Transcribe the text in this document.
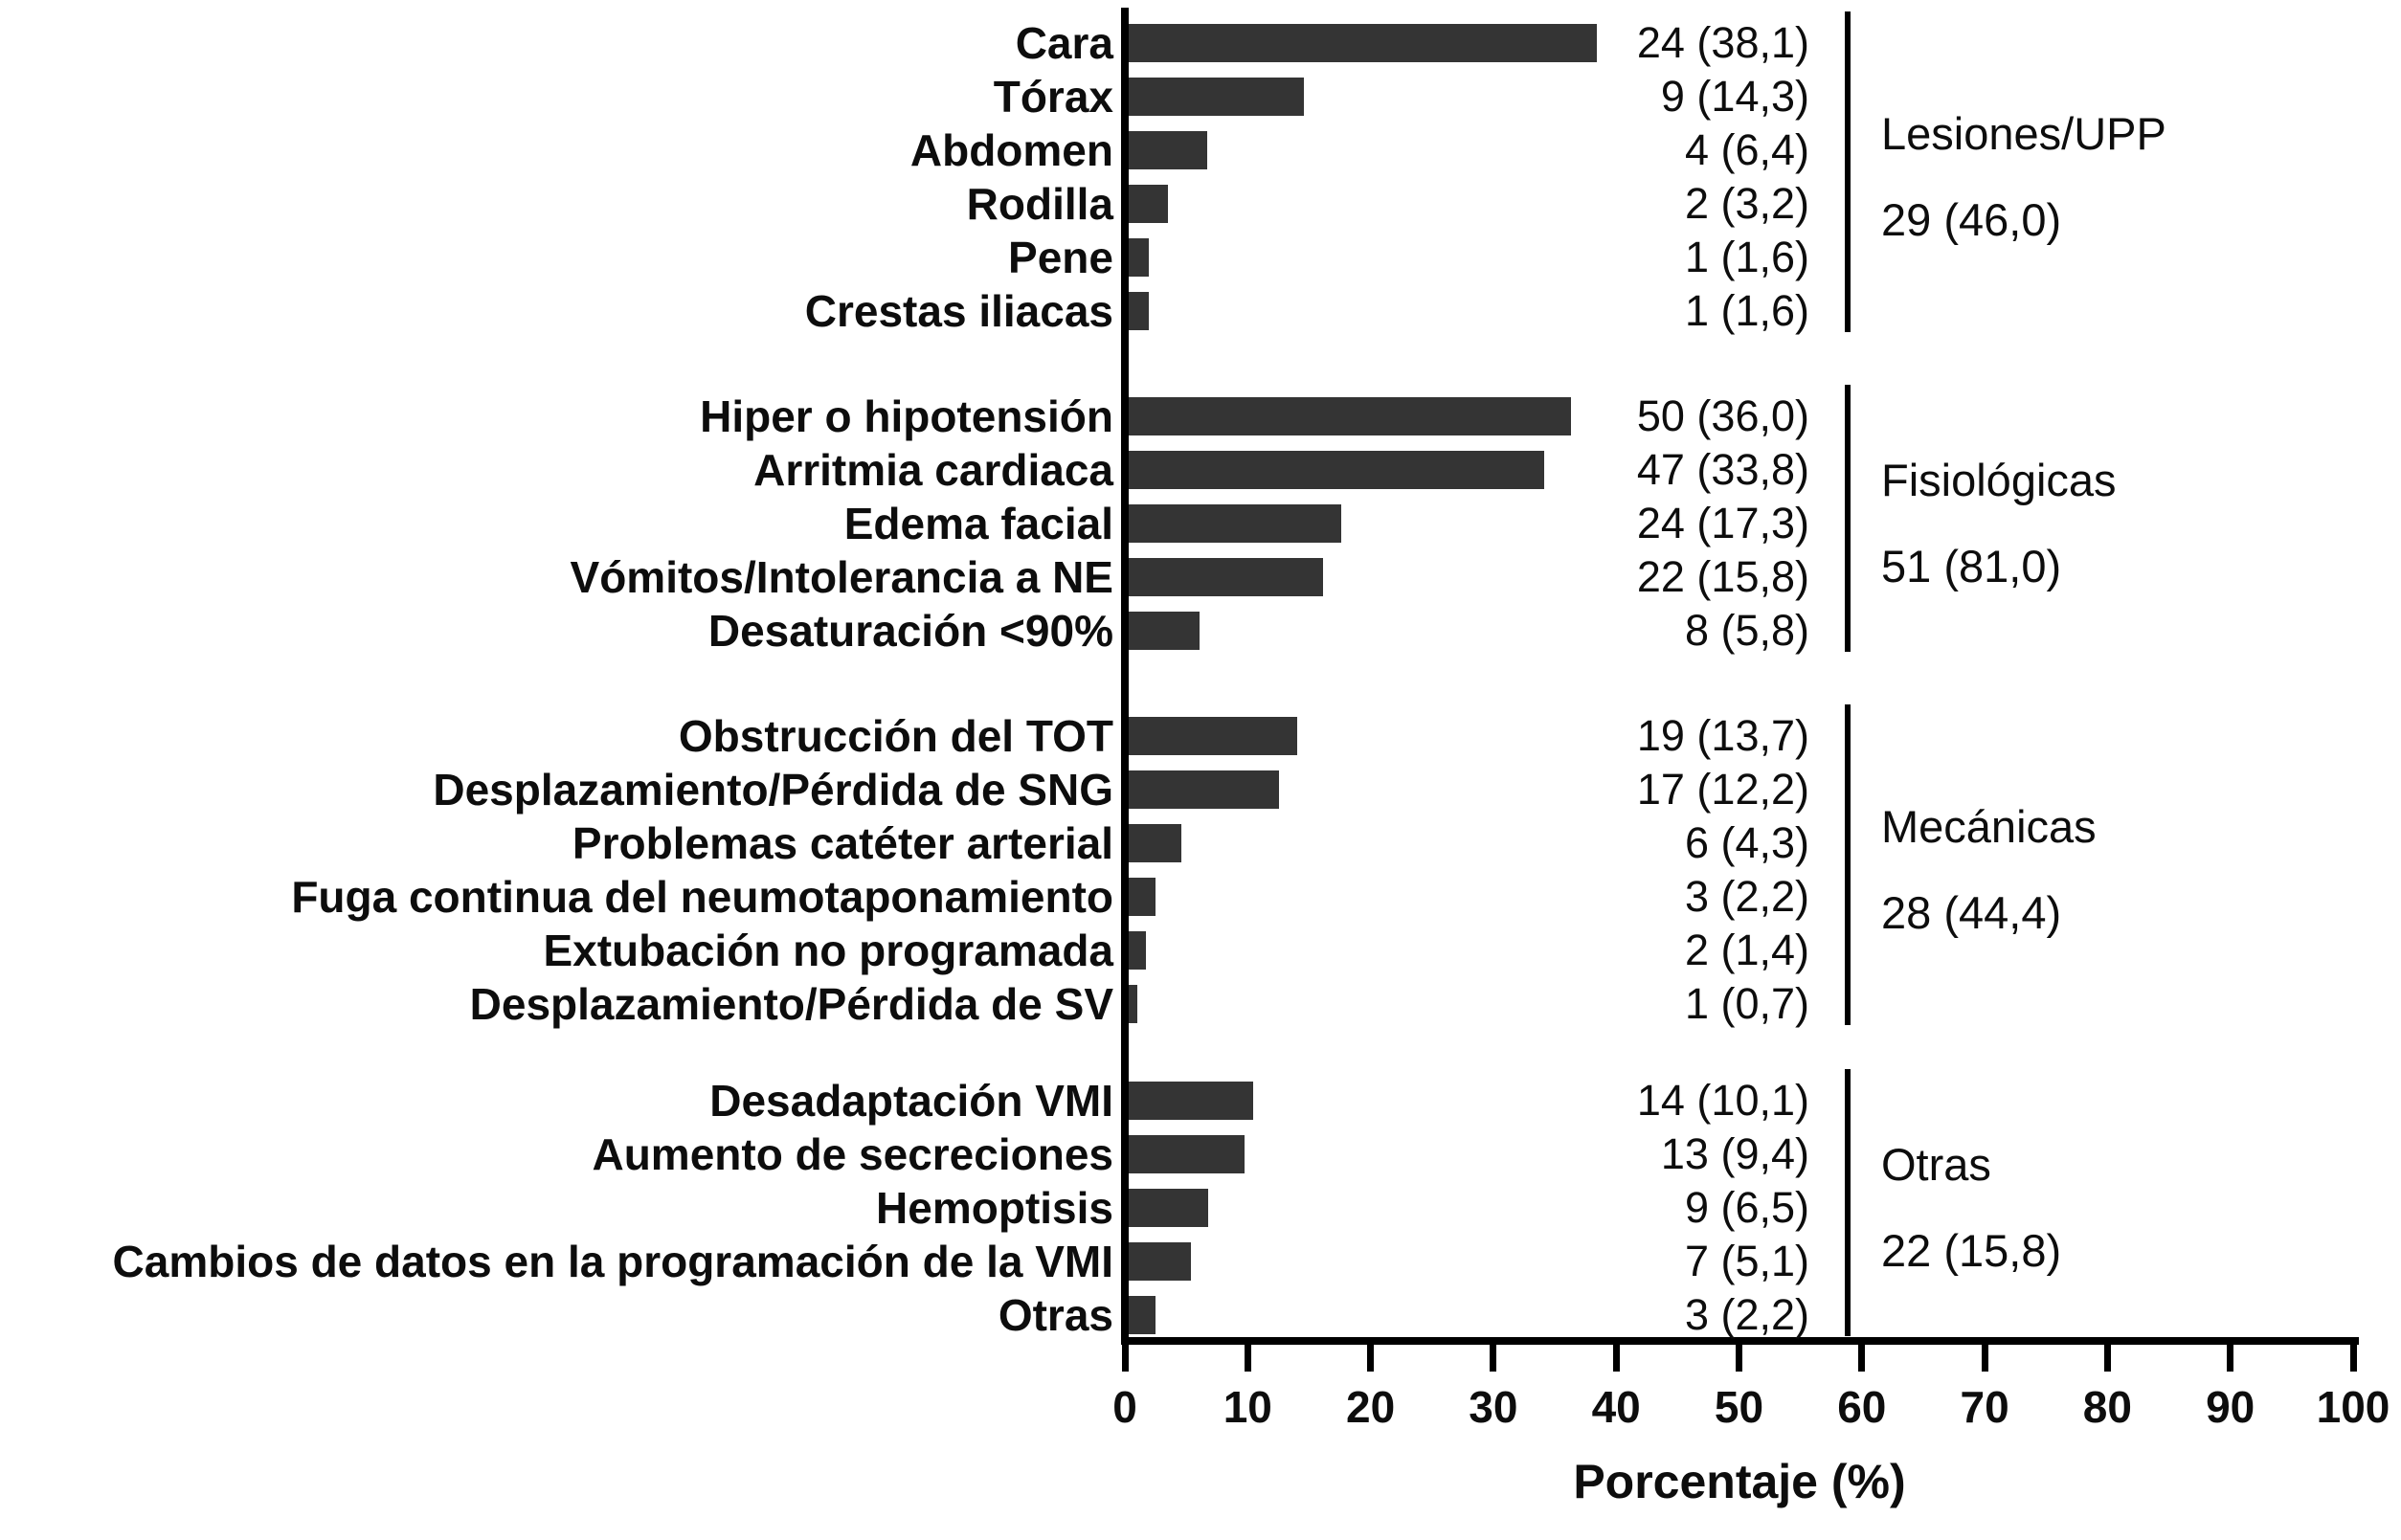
Cara	24 (38,1)
Tórax	9 (14,3)
Abdomen	4 (6,4)
Rodilla	2 (3,2)
Pene	1 (1,6)
Crestas iliacas	1 (1,6)
Hiper o hipotensión	50 (36,0)
Arritmia cardiaca	47 (33,8)
Edema facial	24 (17,3)
Vómitos/Intolerancia a NE	22 (15,8)
Desaturación <90%	8 (5,8)
Obstrucción del TOT	19 (13,7)
Desplazamiento/Pérdida de SNG	17 (12,2)
Problemas catéter arterial	6 (4,3)
Fuga continua del neumotaponamiento	3 (2,2)
Extubación no programada	2 (1,4)
Desplazamiento/Pérdida de SV	1 (0,7)
Desadaptación VMI	14 (10,1)
Aumento de secreciones	13 (9,4)
Hemoptisis	9 (6,5)
Cambios de datos en la programación de la VMI	7 (5,1)
Otras	3 (2,2)
Lesiones/UPP
29 (46,0)
Fisiológicas
51 (81,0)
Mecánicas
28 (44,4)
Otras
22 (15,8)
0	10	20	30	40	50	60	70	80	90	100
Porcentaje (%)
